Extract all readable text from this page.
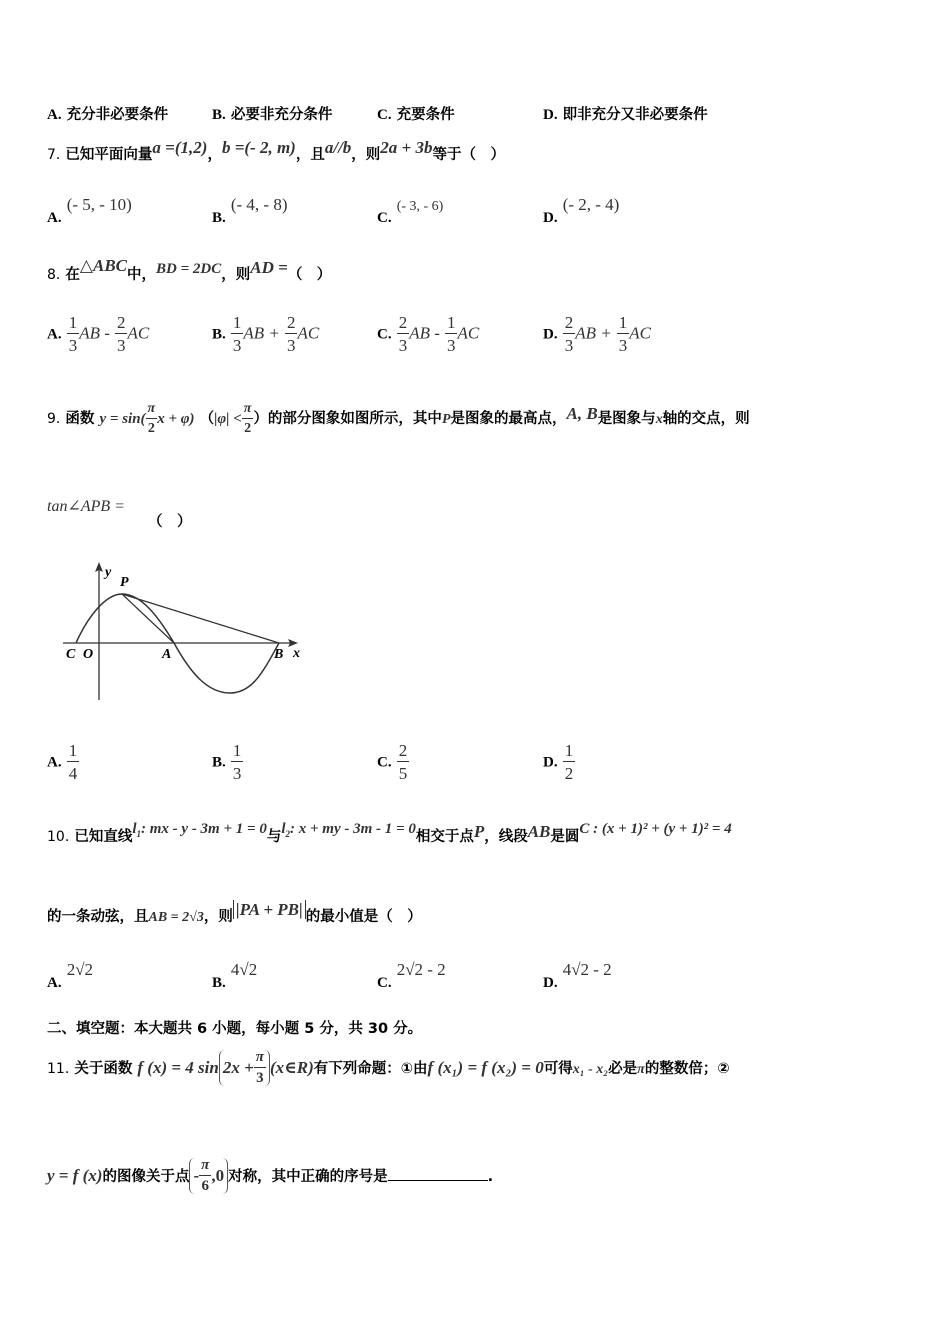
A. 充分非必要条件	B. 必要非充分条件	C. 充要条件	D. 即非充分又非必要条件
7. 已知平面向量a =(1,2)，b =(- 2, m)，且a//b，则2a + 3b等于（　）
A. (- 5, - 10)
B. (- 4, - 8)
C. (- 3, - 6)
D. (- 2, - 4)
8. 在△ABC中，BD = 2DC，则AD =（　）
A. $\frac{1}{3}$ AB - $\frac{2}{3}$ AC	B. $\frac{1}{3}$ AB + $\frac{2}{3}$ AC	C. $\frac{2}{3}$ AB - $\frac{1}{3}$ AC	D. $\frac{2}{3}$ AB + $\frac{1}{3}$ AC
9. 函数 $y = \sin( \frac{\pi}{2}$ x + φ) （$|\varphi| < \frac{\pi}{2}$ ）的部分图象如图所示，其中P是图象的最高点，A, B是图象与x轴的交点，则
tan∠APB =
（　）
y
x
P
C O	A	B
A. $\frac{1}{4}$	B. $\frac{1}{3}$	C. $\frac{2}{5}$	D. $\frac{1}{2}$
10. 已知直线$l_1$: mx - y - 3m + 1 = 0与$l_2$: x + my - 3m - 1 = 0相交于点P，线段AB是圆C : (x + 1)² + (y + 1)² = 4
的一条动弦，且AB = 2√3，则 |PA + PB| 的最小值是（　）
A. 2√2
B. 4√2
C. 2√2 - 2
D. 4√2 - 2
二、填空题：本大题共 6 小题，每小题 5 分，共 30 分。
11. 关于函数 f (x) = 4 $\sin 2x + \frac{\pi}{3}$ (x∈R)有下列命题：①由f (x₁) = f (x₂) = 0可得x₁ - x₂必是π的整数倍；②
y = f (x)的图像关于点 - $\frac{\pi}{6} ,0$ 对称，其中正确的序号是	.
